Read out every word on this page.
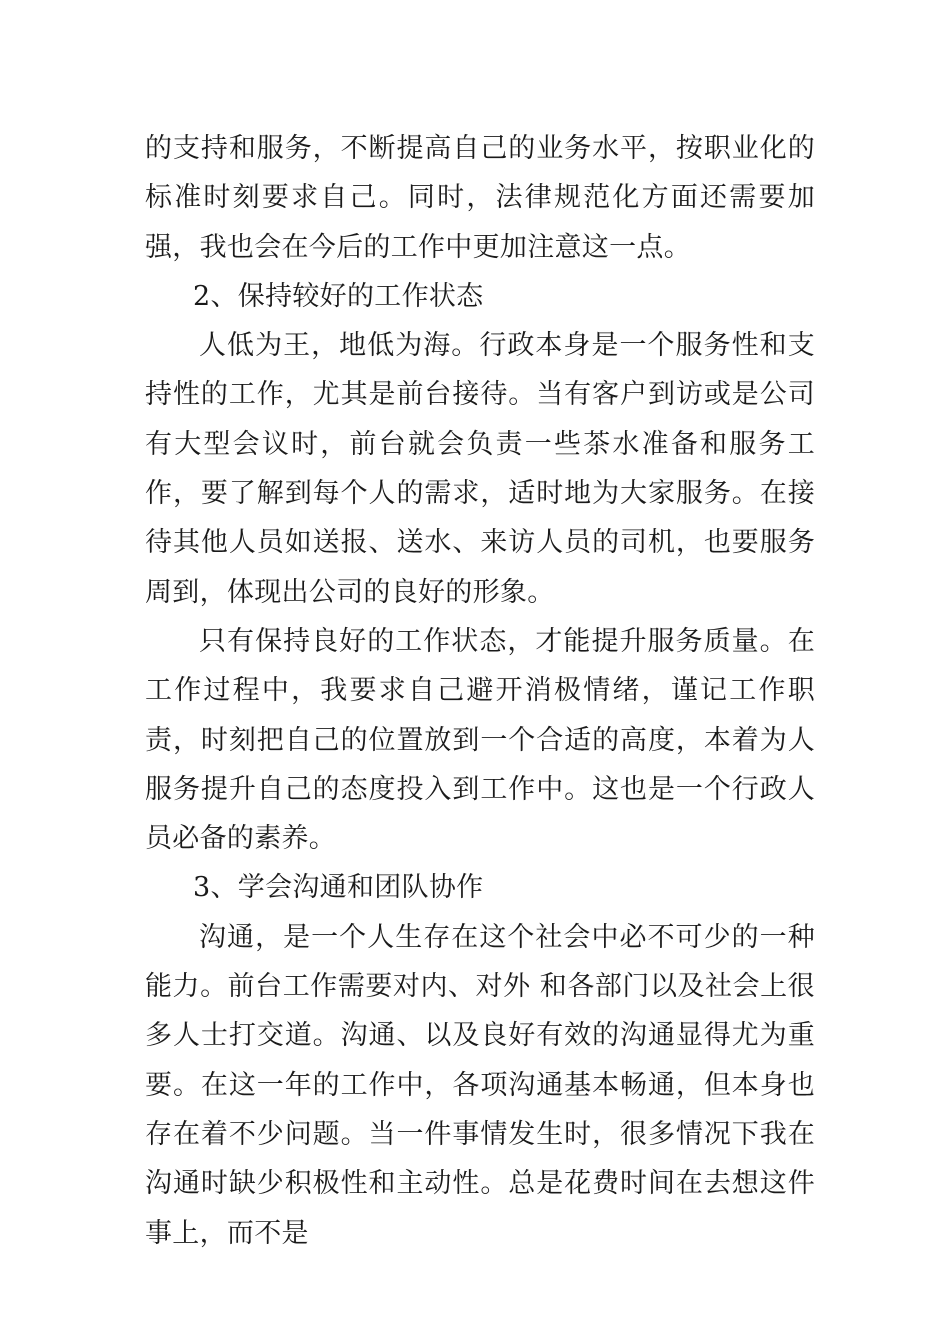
的支持和服务，不断提高自己的业务水平，按职业化的标准时刻要求自己。同时，法律规范化方面还需要加强，我也会在今后的工作中更加注意这一点。

2、保持较好的工作状态

人低为王，地低为海。行政本身是一个服务性和支持性的工作，尤其是前台接待。当有客户到访或是公司有大型会议时，前台就会负责一些茶水准备和服务工作，要了解到每个人的需求，适时地为大家服务。在接待其他人员如送报、送水、来访人员的司机，也要服务周到，体现出公司的良好的形象。

只有保持良好的工作状态，才能提升服务质量。在工作过程中，我要求自己避开消极情绪，谨记工作职责，时刻把自己的位置放到一个合适的高度，本着为人服务提升自己的态度投入到工作中。这也是一个行政人员必备的素养。

3、学会沟通和团队协作

沟通，是一个人生存在这个社会中必不可少的一种能力。前台工作需要对内、对外 和各部门以及社会上很多人士打交道。沟通、以及良好有效的沟通显得尤为重要。在这一年的工作中，各项沟通基本畅通，但本身也存在着不少问题。当一件事情发生时，很多情况下我在沟通时缺少积极性和主动性。总是花费时间在去想这件事上，而不是
